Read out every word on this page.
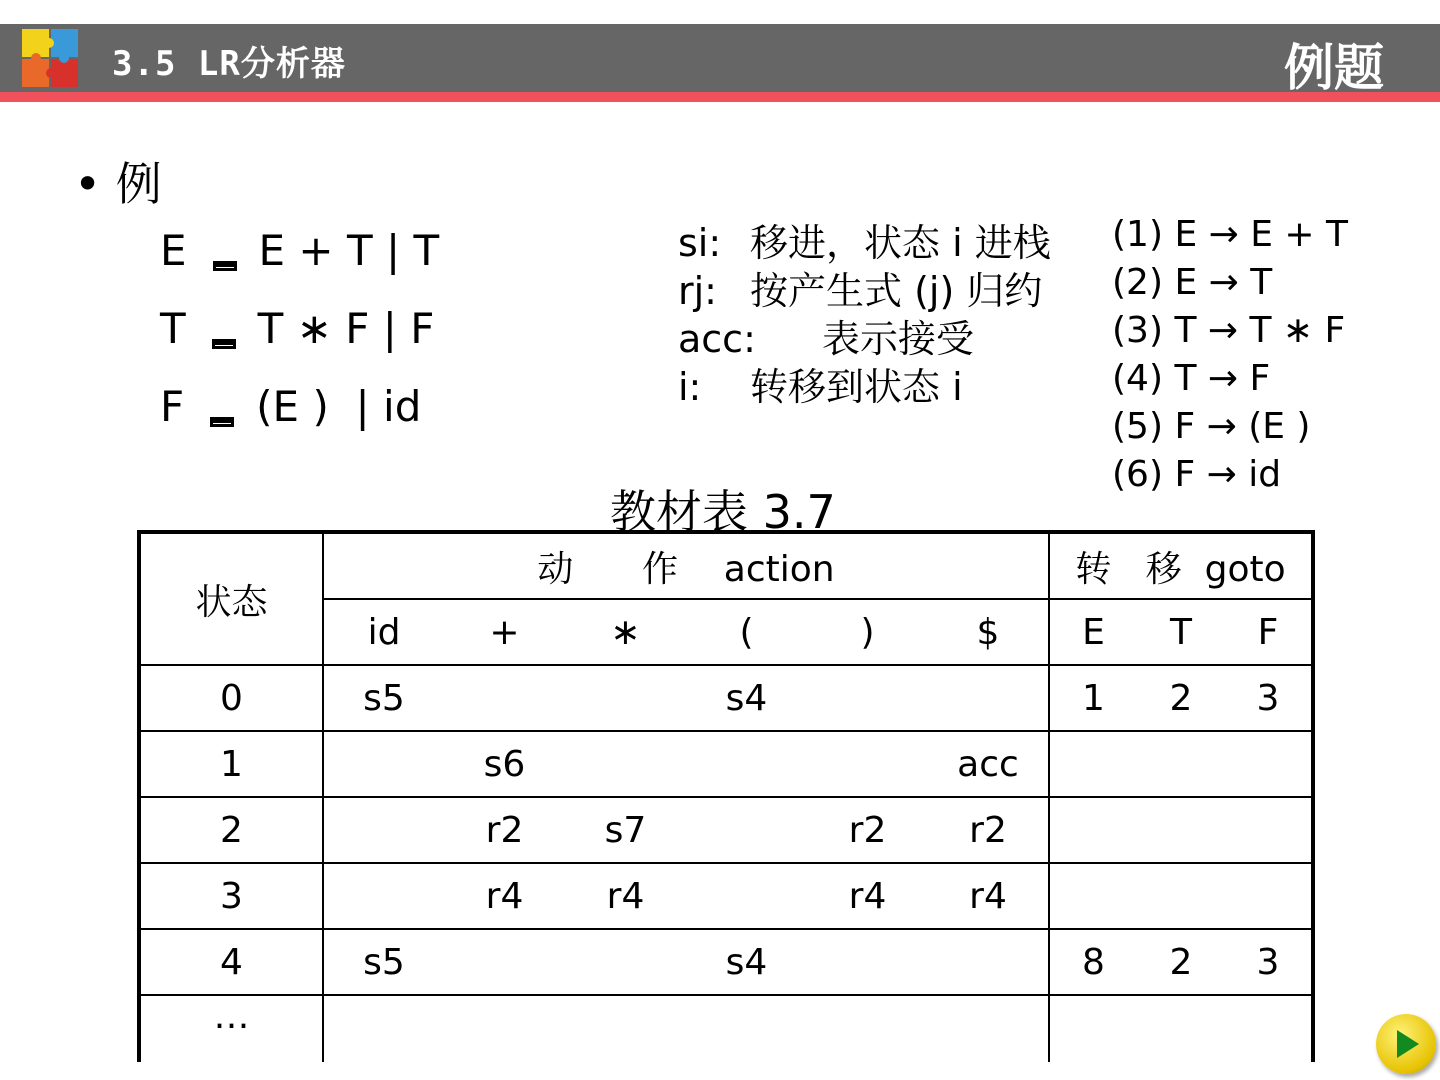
3.5 LR分析器	例题
• 例
E E + T | T
T T ∗ F | F
F (E )  | id
si: 移进，状态 i 进栈
rj: 按产生式 (j) 归约
acc: 表示接受
i: 转移到状态 i
(1) E → E + T
(2) E → T
(3) T → T ∗ F
(4) T → F
(5) F → (E )
(6) F → id
教材表 3.7
状态	动      作    action						转   移  goto		
	id	+	∗	(	)	$	E	T	F
0	s5			s4			1	2	3
1		s6				acc			
2		r2	s7		r2	r2			
3		r4	r4		r4	r4			
4	s5			s4			8	2	3
…									
